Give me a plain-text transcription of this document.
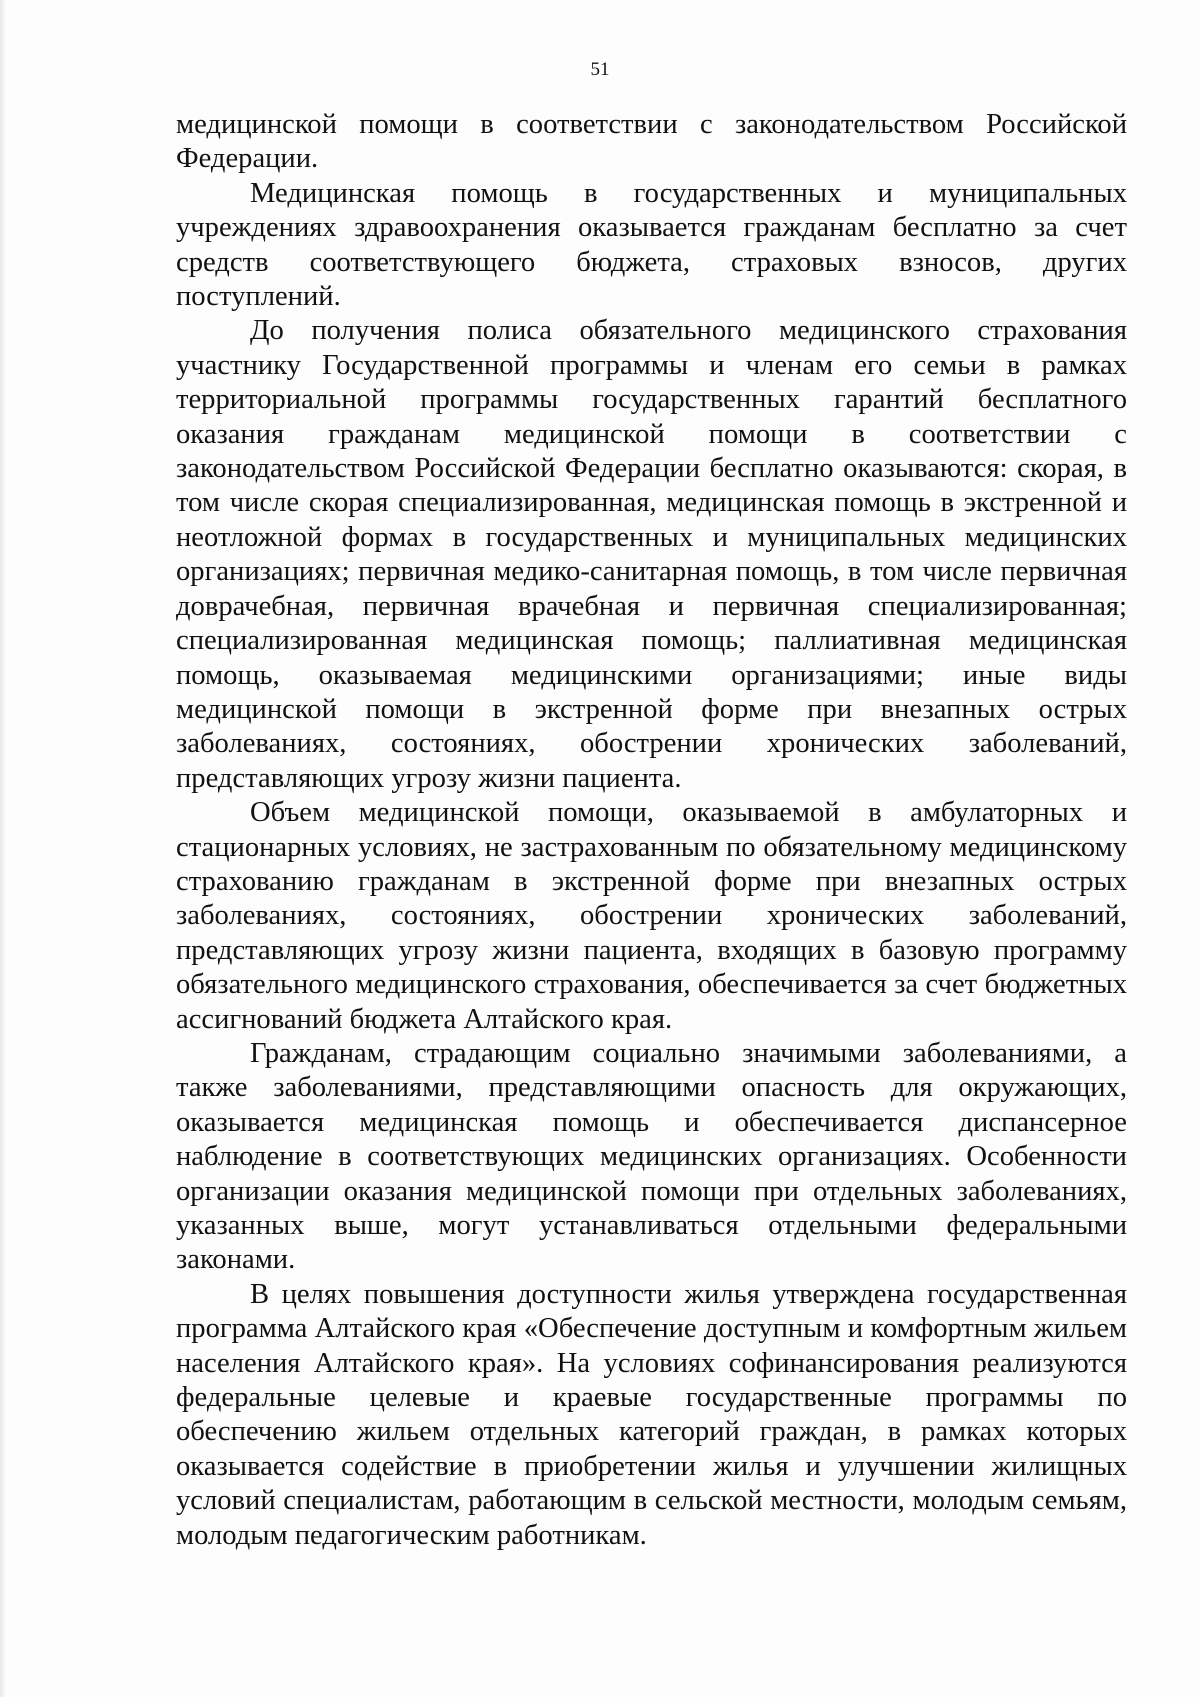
51

медицинской помощи в соответствии с законодательством Российской Федерации.

Медицинская помощь в государственных и муниципальных учреждениях здравоохранения оказывается гражданам бесплатно за счет средств соответствующего бюджета, страховых взносов, других поступлений.

До получения полиса обязательного медицинского страхования участнику Государственной программы и членам его семьи в рамках территориальной программы государственных гарантий бесплатного оказания гражданам медицинской помощи в соответствии с законодательством Российской Федерации бесплатно оказываются: скорая, в том числе скорая специализированная, медицинская помощь в экстренной и неотложной формах в государственных и муниципальных медицинских организациях; первичная медико-санитарная помощь, в том числе первичная доврачебная, первичная врачебная и первичная специализированная; специализированная медицинская помощь; паллиативная медицинская помощь, оказываемая медицинскими организациями; иные виды медицинской помощи в экстренной форме при внезапных острых заболеваниях, состояниях, обострении хронических заболеваний, представляющих угрозу жизни пациента.

Объем медицинской помощи, оказываемой в амбулаторных и стационарных условиях, не застрахованным по обязательному медицинскому страхованию гражданам в экстренной форме при внезапных острых заболеваниях, состояниях, обострении хронических заболеваний, представляющих угрозу жизни пациента, входящих в базовую программу обязательного медицинского страхования, обеспечивается за счет бюджетных ассигнований бюджета Алтайского края.

Гражданам, страдающим социально значимыми заболеваниями, а также заболеваниями, представляющими опасность для окружающих, оказывается медицинская помощь и обеспечивается диспансерное наблюдение в соответствующих медицинских организациях. Особенности организации оказания медицинской помощи при отдельных заболеваниях, указанных выше, могут устанавливаться отдельными федеральными законами.

В целях повышения доступности жилья утверждена государственная программа Алтайского края «Обеспечение доступным и комфортным жильем населения Алтайского края». На условиях софинансирования реализуются федеральные целевые и краевые государственные программы по обеспечению жильем отдельных категорий граждан, в рамках которых оказывается содействие в приобретении жилья и улучшении жилищных условий специалистам, работающим в сельской местности, молодым семьям, молодым педагогическим работникам.
